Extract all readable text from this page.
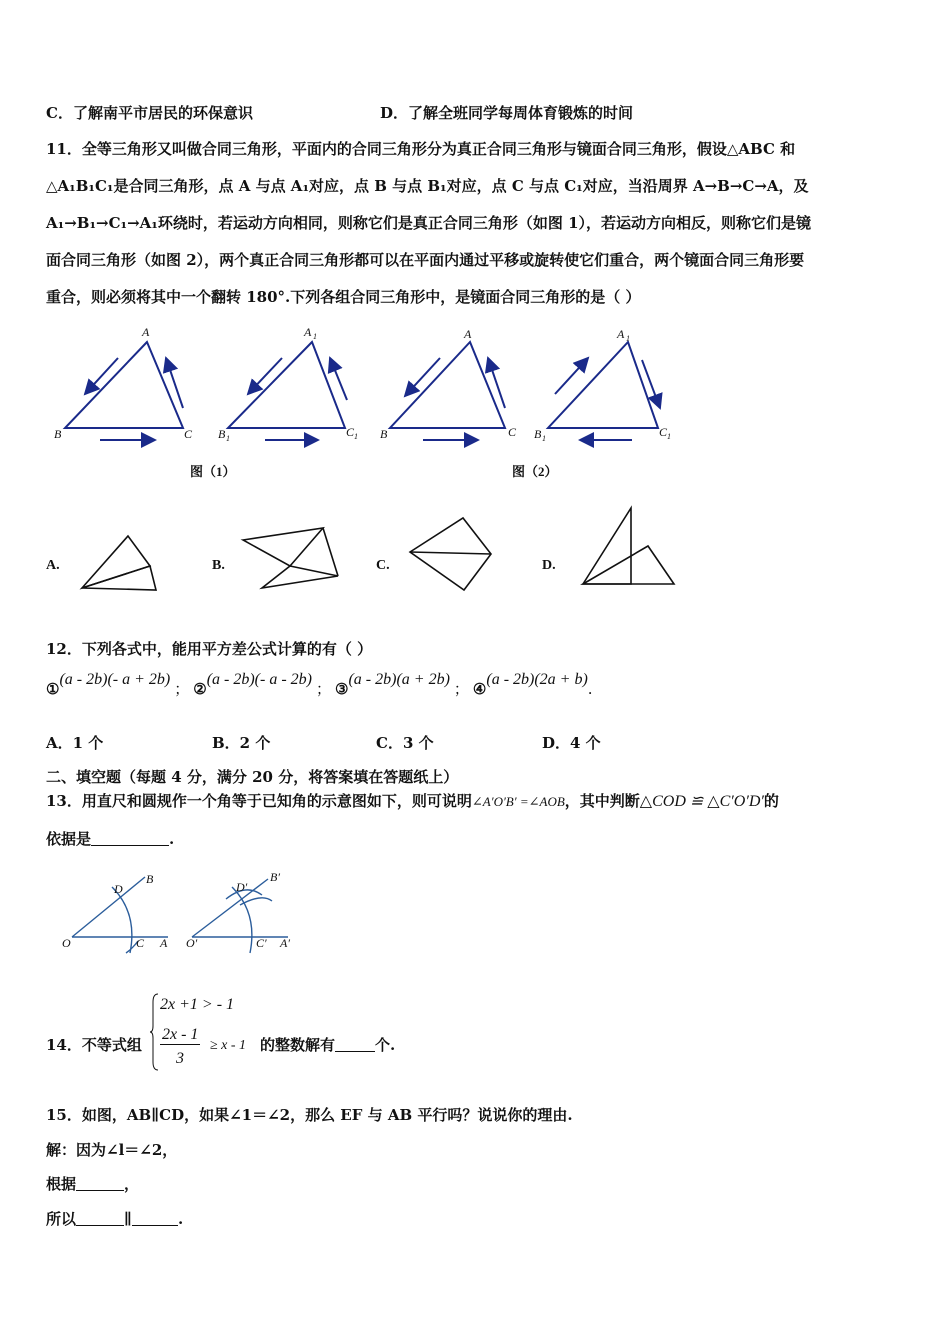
C．了解南平市居民的环保意识	D．了解全班同学每周体育锻炼的时间
11．全等三角形又叫做合同三角形，平面内的合同三角形分为真正合同三角形与镜面合同三角形，假设△ABC 和
△A₁B₁C₁是合同三角形，点 A 与点 A₁对应，点 B 与点 B₁对应，点 C 与点 C₁对应，当沿周界 A→B→C→A，及
A₁→B₁→C₁→A₁环绕时，若运动方向相同，则称它们是真正合同三角形（如图 1），若运动方向相反，则称它们是镜
面合同三角形（如图 2），两个真正合同三角形都可以在平面内通过平移或旋转使它们重合，两个镜面合同三角形要
重合，则必须将其中一个翻转 180°.下列各组合同三角形中，是镜面合同三角形的是（ ）
A
B	C
A 1
B 1	C 1
A
B	C
A 1
B 1	C 1
图（1）	图（2）
A.	B.	C.	D.
12．下列各式中，能用平方差公式计算的有（ ）
①(a - 2b)(- a + 2b)； ②(a - 2b)(- a - 2b)； ③(a - 2b)(a + 2b)； ④(a - 2b)(2a + b).
A．1 个	B．2 个	C．3 个	D．4 个
二、填空题（每题 4 分，满分 20 分，将答案填在答题纸上）
13．用直尺和圆规作一个角等于已知角的示意图如下，则可说明∠A′O′B′ =∠AOB，其中判断△COD ≌ △C′O′D′的
依据是	.
O	C A
D
B
O′	C′ A′
D′
B′
14．不等式组
2x +1 > - 1
2x - 1
3
≥ x - 1 的整数解有	个.
15．如图，AB∥CD，如果∠1＝∠2，那么 EF 与 AB 平行吗？说说你的理由.
解：因为∠l＝∠2，
根据	，
所以	∥	.
